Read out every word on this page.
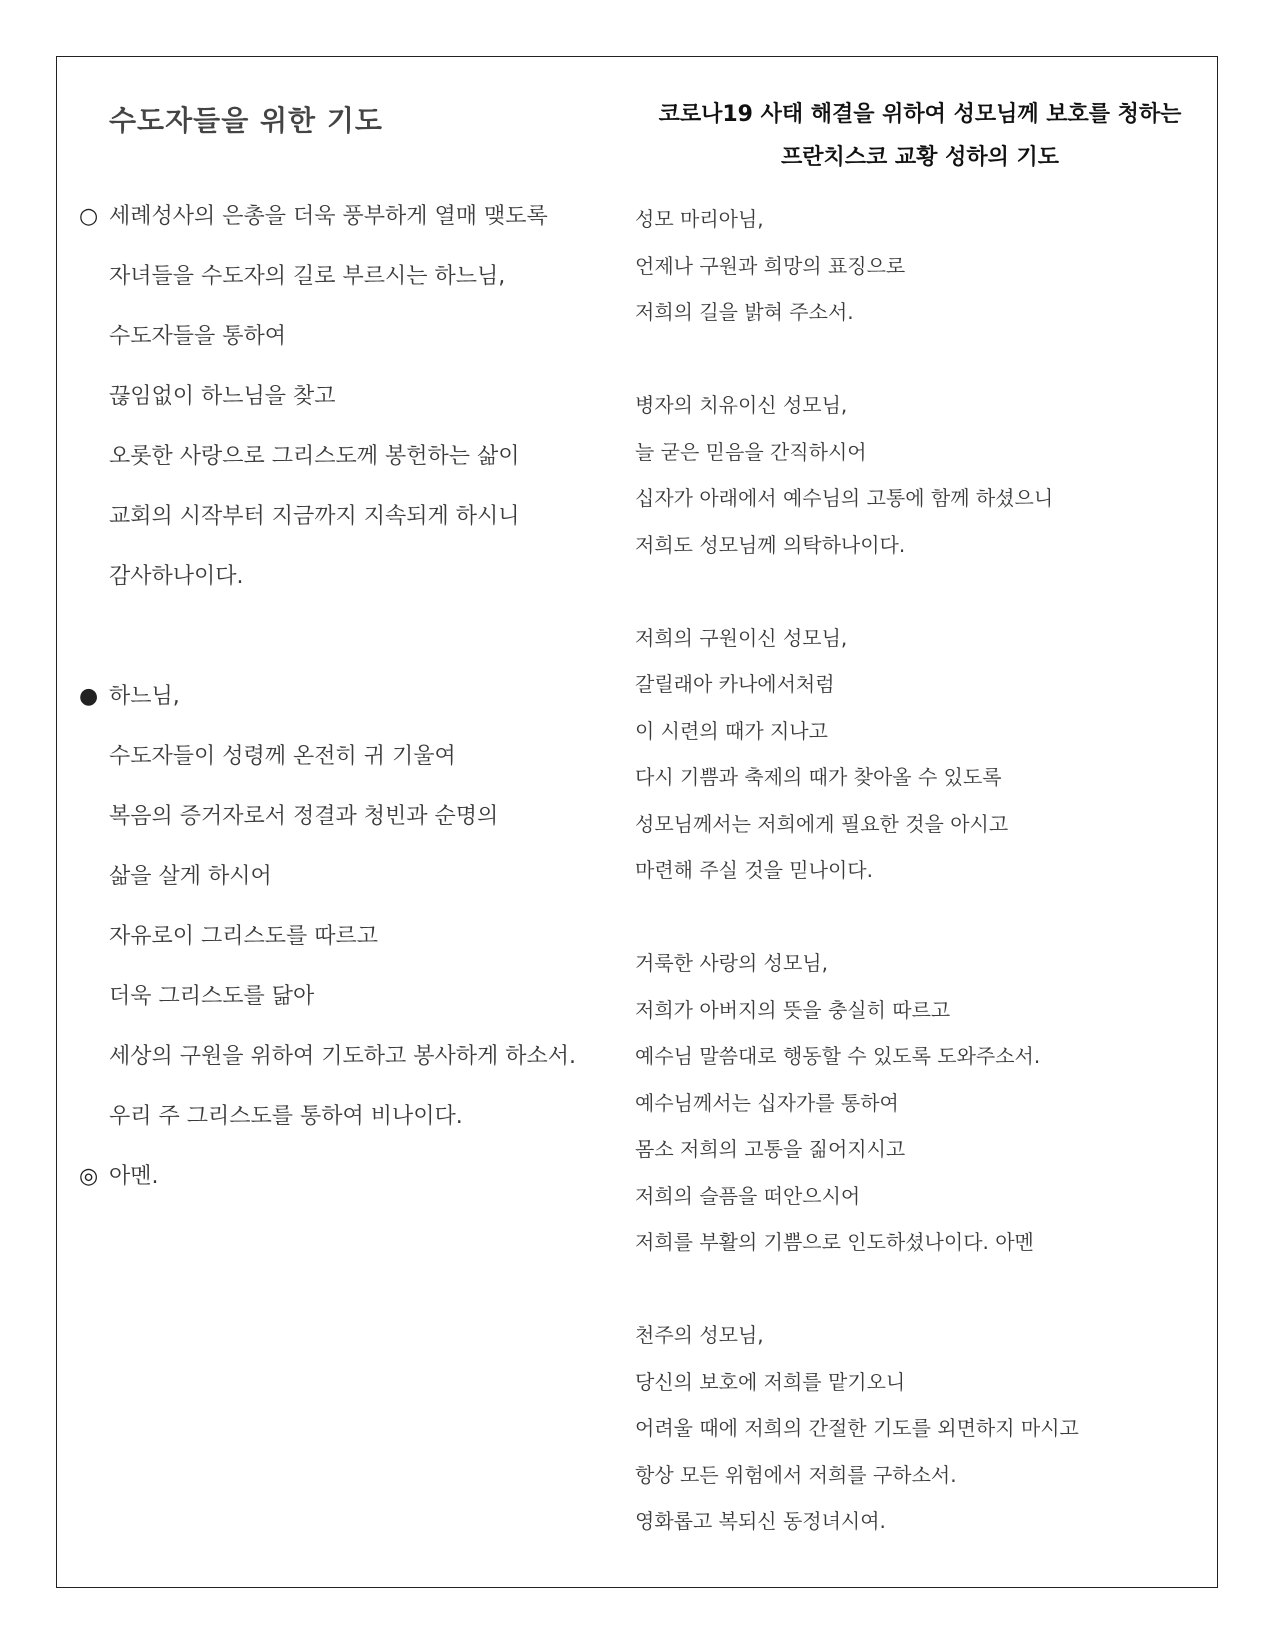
수도자들을 위한 기도
○ 세례성사의 은총을 더욱 풍부하게 열매 맺도록
자녀들을 수도자의 길로 부르시는 하느님,
수도자들을 통하여
끊임없이 하느님을 찾고
오롯한 사랑으로 그리스도께 봉헌하는 삶이
교회의 시작부터 지금까지 지속되게 하시니
감사하나이다.
● 하느님,
수도자들이 성령께 온전히 귀 기울여
복음의 증거자로서 정결과 청빈과 순명의
삶을 살게 하시어
자유로이 그리스도를 따르고
더욱 그리스도를 닮아
세상의 구원을 위하여 기도하고 봉사하게 하소서.
우리 주 그리스도를 통하여 비나이다.
◎ 아멘.
코로나19 사태 해결을 위하여 성모님께 보호를 청하는
프란치스코 교황 성하의 기도
성모 마리아님,
언제나 구원과 희망의 표징으로
저희의 길을 밝혀 주소서.
병자의 치유이신 성모님,
늘 굳은 믿음을 간직하시어
십자가 아래에서 예수님의 고통에 함께 하셨으니
저희도 성모님께 의탁하나이다.
저희의 구원이신 성모님,
갈릴래아 카나에서처럼
이 시련의 때가 지나고
다시 기쁨과 축제의 때가 찾아올 수 있도록
성모님께서는 저희에게 필요한 것을 아시고
마련해 주실 것을 믿나이다.
거룩한 사랑의 성모님,
저희가 아버지의 뜻을 충실히 따르고
예수님 말씀대로 행동할 수 있도록 도와주소서.
예수님께서는 십자가를 통하여
몸소 저희의 고통을 짊어지시고
저희의 슬픔을 떠안으시어
저희를 부활의 기쁨으로 인도하셨나이다. 아멘
천주의 성모님,
당신의 보호에 저희를 맡기오니
어려울 때에 저희의 간절한 기도를 외면하지 마시고
항상 모든 위험에서 저희를 구하소서.
영화롭고 복되신 동정녀시여.
